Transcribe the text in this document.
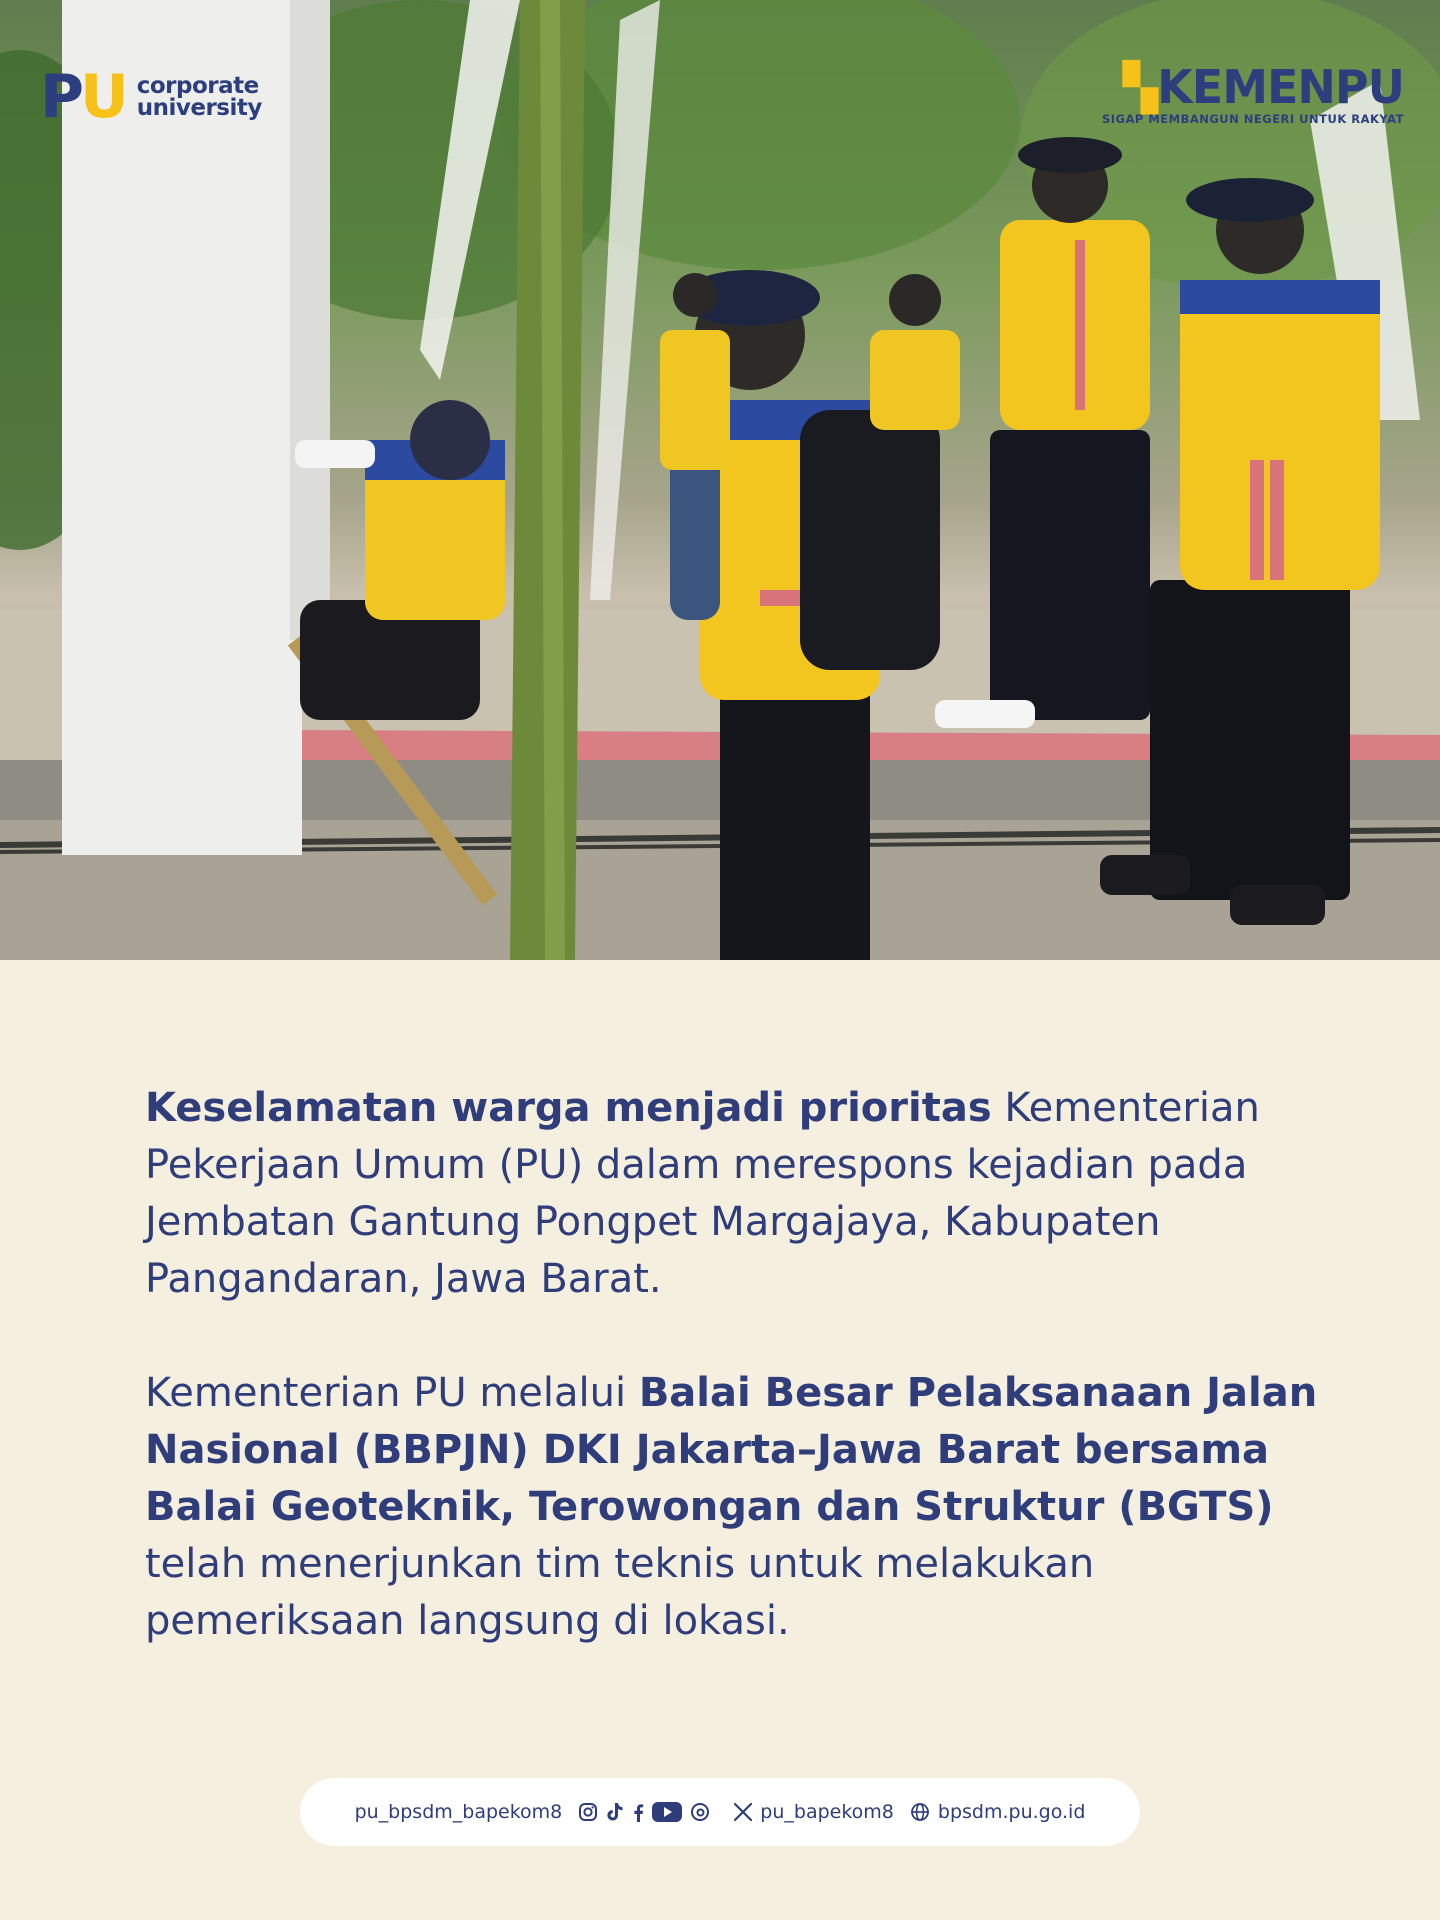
PU corporate
university	▚KEMENPU
SIGAP MEMBANGUN NEGERI UNTUK RAKYAT

Keselamatan warga menjadi prioritas Kementerian Pekerjaan Umum (PU) dalam merespons kejadian pada Jembatan Gantung Pongpet Margajaya, Kabupaten Pangandaran, Jawa Barat.

Kementerian PU melalui Balai Besar Pelaksanaan Jalan Nasional (BBPJN) DKI Jakarta–Jawa Barat bersama Balai Geoteknik, Terowongan dan Struktur (BGTS) telah menerjunkan tim teknis untuk melakukan pemeriksaan langsung di lokasi.

pu_bpsdm_bapekom8	pu_bapekom8 bpsdm.pu.go.id
